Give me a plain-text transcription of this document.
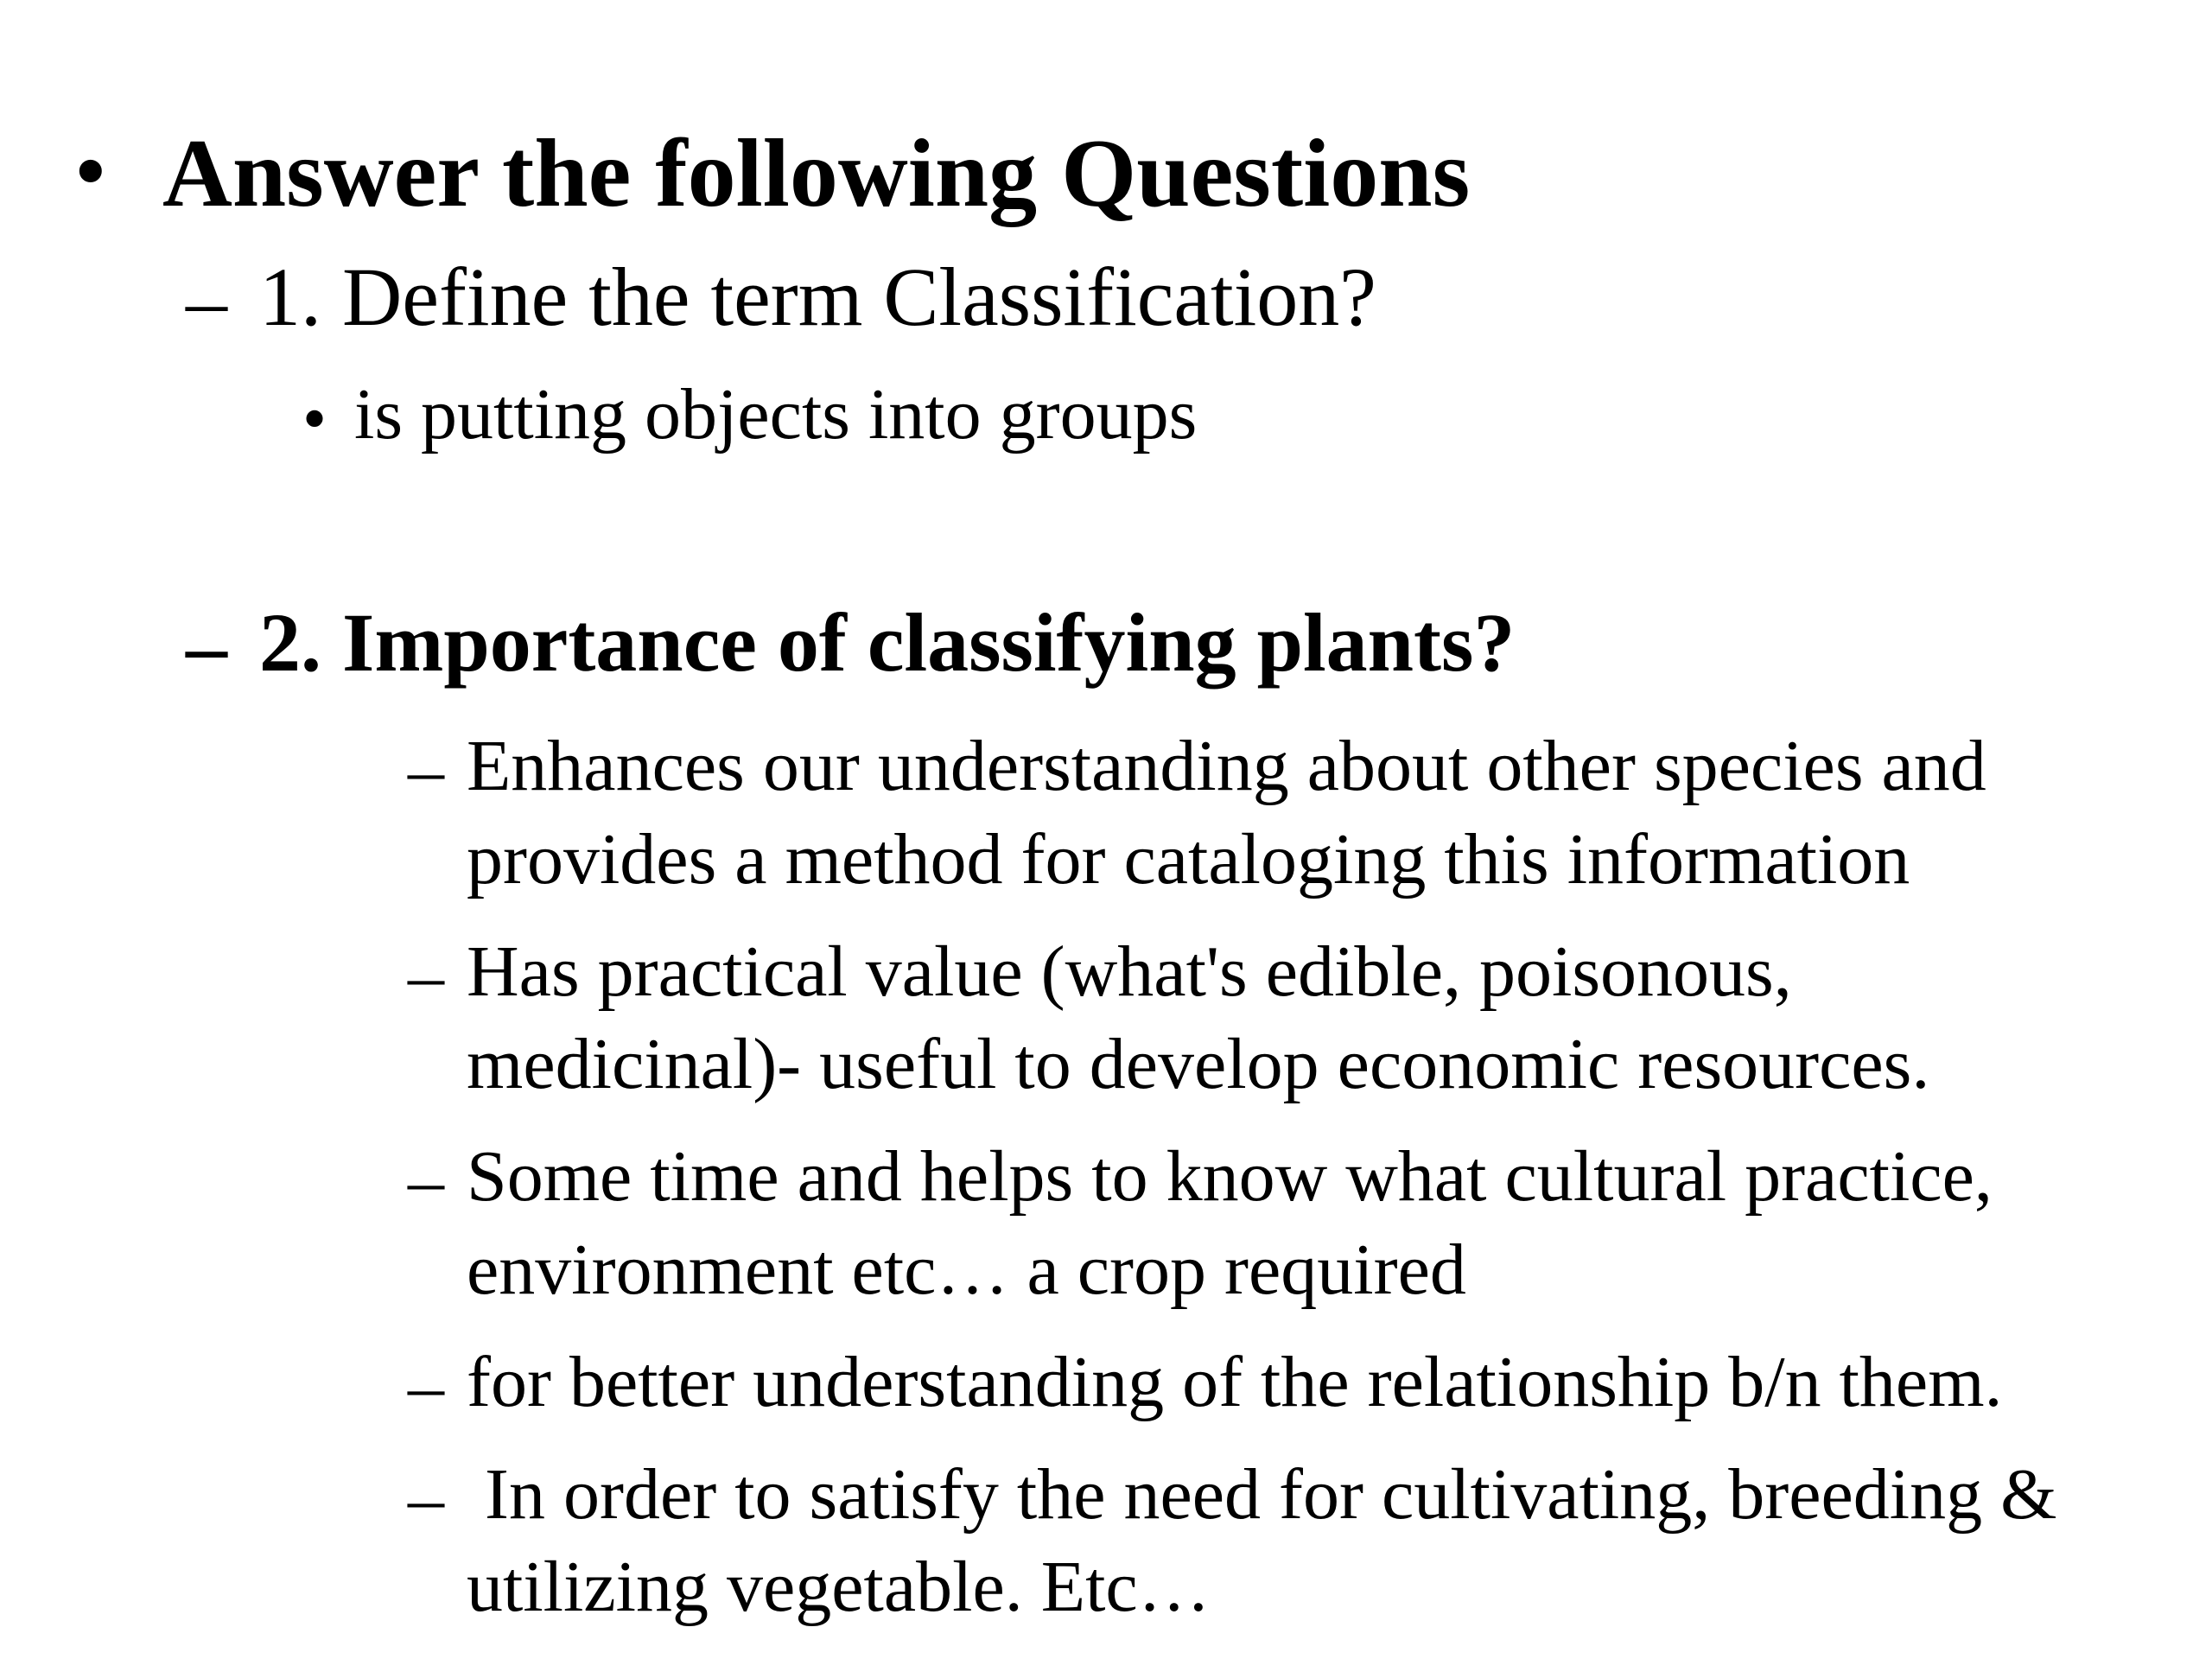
• Answer the following Questions
– 1. Define the term Classification?
• is putting objects into groups
– 2. Importance of classifying plants?
– Enhances our understanding about other species and
provides a method for cataloging this information
– Has practical value (what's edible, poisonous,
medicinal)- useful to develop economic resources.
– Some time and helps to know what cultural practice,
environment etc… a crop required
– for better understanding of the relationship b/n them.
– In order to satisfy the need for cultivating, breeding &
utilizing vegetable. Etc…
